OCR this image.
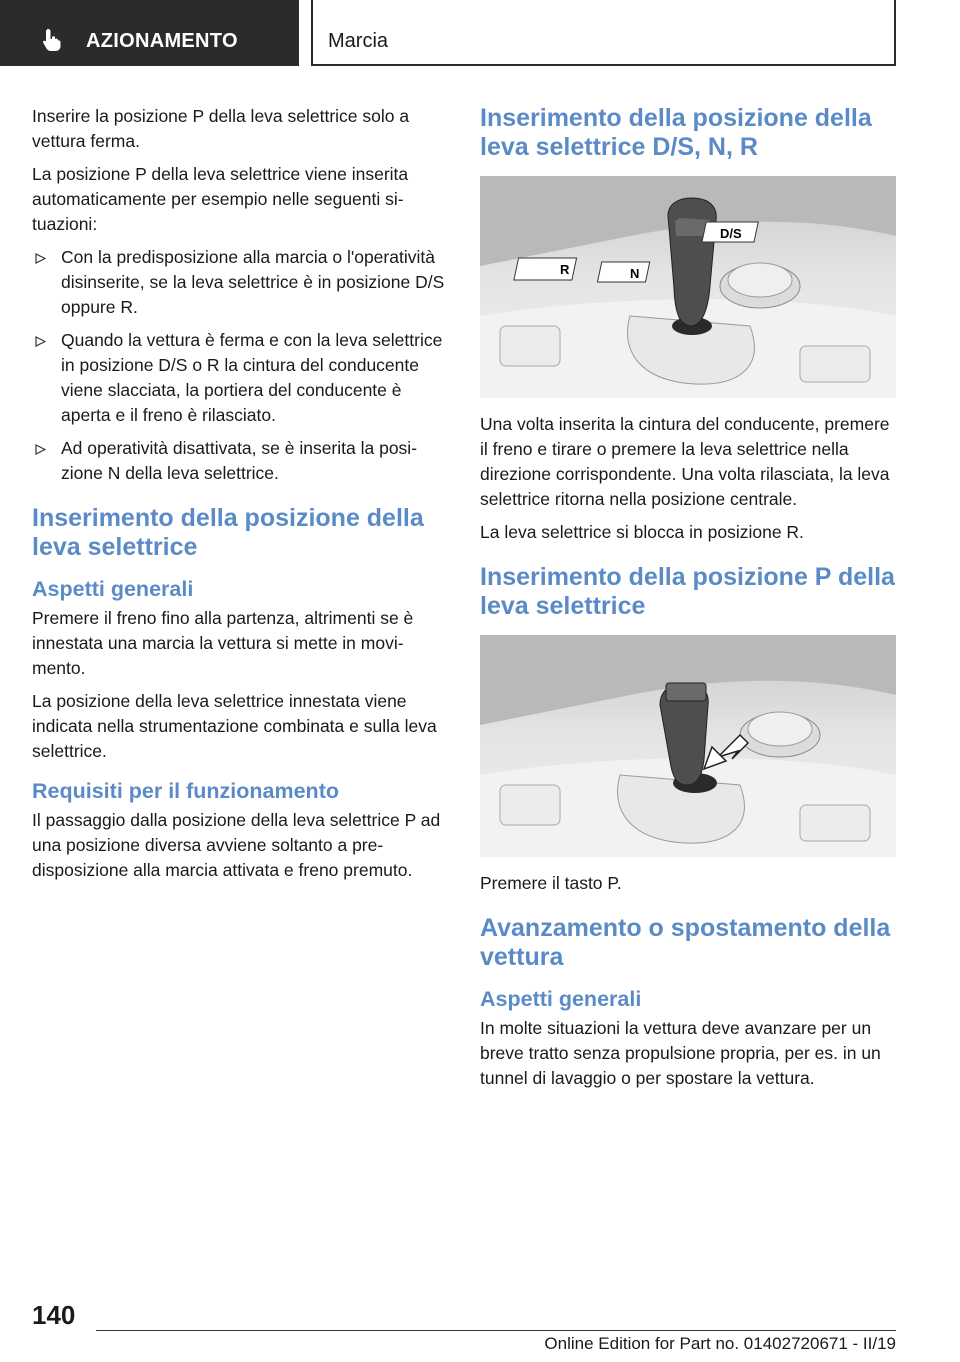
AZIONAMENTO	Marcia

Inserire la posizione P della leva selettrice solo a vettura ferma.

La posizione P della leva selettrice viene inserita automaticamente per esempio nelle seguenti situazioni:

Con la predisposizione alla marcia o l'operatività disinserite, se la leva selettrice è in posizione D/S oppure R.
Quando la vettura è ferma e con la leva selettrice in posizione D/S o R la cintura del conducente viene slacciata, la portiera del conducente è aperta e il freno è rilasciato.
Ad operatività disattivata, se è inserita la posizione N della leva selettrice.
Inserimento della posizione della leva selettrice
Aspetti generali

Premere il freno fino alla partenza, altrimenti se è innestata una marcia la vettura si mette in movimento.

La posizione della leva selettrice innestata viene indicata nella strumentazione combinata e sulla leva selettrice.

Requisiti per il funzionamento

Il passaggio dalla posizione della leva selettrice P ad una posizione diversa avviene soltanto a predisposizione alla marcia attivata e freno premuto.

Inserimento della posizione della leva selettrice D/S, N, R
R	N
D/S

Una volta inserita la cintura del conducente, premere il freno e tirare o premere la leva selettrice nella direzione corrispondente. Una volta rilasciata, la leva selettrice ritorna nella posizione centrale.

La leva selettrice si blocca in posizione R.

Inserimento della posizione P della leva selettrice

Premere il tasto P.

Avanzamento o spostamento della vettura
Aspetti generali

In molte situazioni la vettura deve avanzare per un breve tratto senza propulsione propria, per es. in un tunnel di lavaggio o per spostare la vettura.

140
Online Edition for Part no. 01402720671 - II/19
